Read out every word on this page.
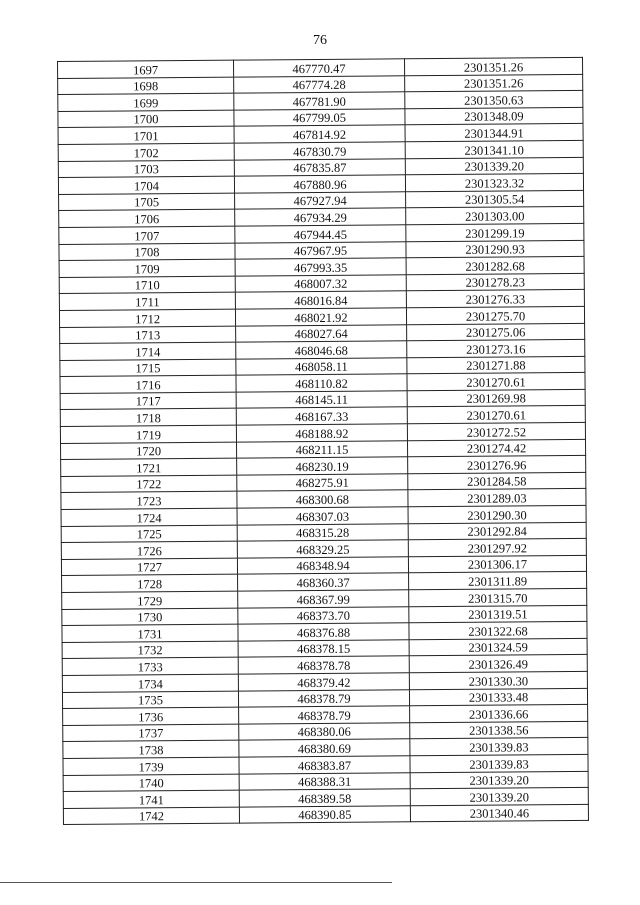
76
1697	467770.47	2301351.26
1698	467774.28	2301351.26
1699	467781.90	2301350.63
1700	467799.05	2301348.09
1701	467814.92	2301344.91
1702	467830.79	2301341.10
1703	467835.87	2301339.20
1704	467880.96	2301323.32
1705	467927.94	2301305.54
1706	467934.29	2301303.00
1707	467944.45	2301299.19
1708	467967.95	2301290.93
1709	467993.35	2301282.68
1710	468007.32	2301278.23
1711	468016.84	2301276.33
1712	468021.92	2301275.70
1713	468027.64	2301275.06
1714	468046.68	2301273.16
1715	468058.11	2301271.88
1716	468110.82	2301270.61
1717	468145.11	2301269.98
1718	468167.33	2301270.61
1719	468188.92	2301272.52
1720	468211.15	2301274.42
1721	468230.19	2301276.96
1722	468275.91	2301284.58
1723	468300.68	2301289.03
1724	468307.03	2301290.30
1725	468315.28	2301292.84
1726	468329.25	2301297.92
1727	468348.94	2301306.17
1728	468360.37	2301311.89
1729	468367.99	2301315.70
1730	468373.70	2301319.51
1731	468376.88	2301322.68
1732	468378.15	2301324.59
1733	468378.78	2301326.49
1734	468379.42	2301330.30
1735	468378.79	2301333.48
1736	468378.79	2301336.66
1737	468380.06	2301338.56
1738	468380.69	2301339.83
1739	468383.87	2301339.83
1740	468388.31	2301339.20
1741	468389.58	2301339.20
1742	468390.85	2301340.46
